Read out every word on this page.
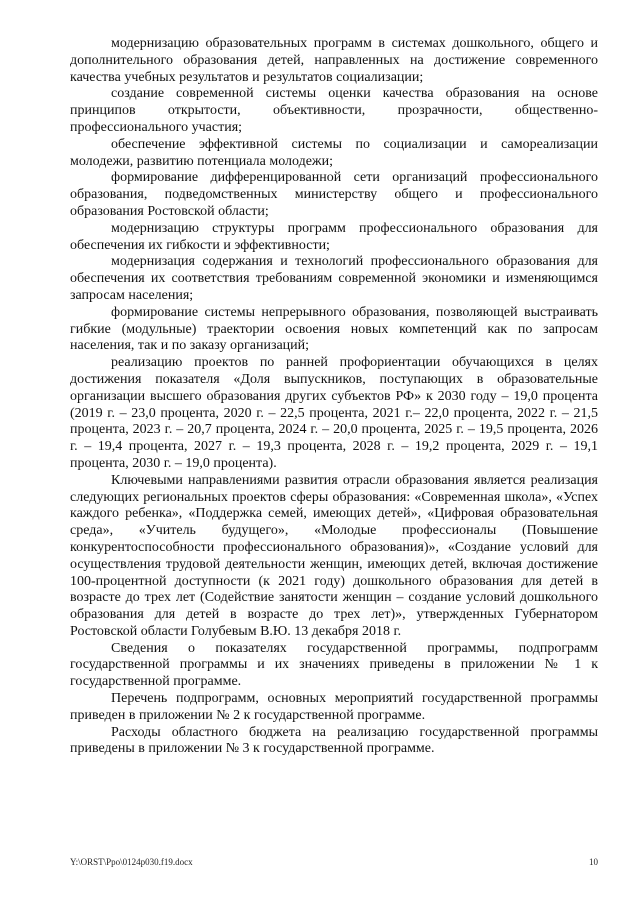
модернизацию образовательных программ в системах дошкольного, общего и дополнительного образования детей, направленных на достижение современного качества учебных результатов и результатов социализации;

создание современной системы оценки качества образования на основе принципов открытости, объективности, прозрачности, общественно-профессионального участия;

обеспечение эффективной системы по социализации и самореализации молодежи, развитию потенциала молодежи;

формирование дифференцированной сети организаций профессионального образования, подведомственных министерству общего и профессионального образования Ростовской области;

модернизацию структуры программ профессионального образования для обеспечения их гибкости и эффективности;

модернизация содержания и технологий профессионального образования для обеспечения их соответствия требованиям современной экономики и изменяющимся запросам населения;

формирование системы непрерывного образования, позволяющей выстраивать гибкие (модульные) траектории освоения новых компетенций как по запросам населения, так и по заказу организаций;

реализацию проектов по ранней профориентации обучающихся в целях достижения показателя «Доля выпускников, поступающих в образовательные организации высшего образования других субъектов РФ» к 2030 году – 19,0 процента (2019 г. – 23,0 процента, 2020 г. – 22,5 процента, 2021 г.– 22,0 процента, 2022 г. – 21,5 процента, 2023 г. – 20,7 процента, 2024 г. – 20,0 процента, 2025 г. – 19,5 процента, 2026 г. – 19,4 процента, 2027 г. – 19,3 процента, 2028 г. – 19,2 процента, 2029 г. – 19,1 процента, 2030 г. – 19,0 процента).

Ключевыми направлениями развития отрасли образования является реализация следующих региональных проектов сферы образования: «Современная школа», «Успех каждого ребенка», «Поддержка семей, имеющих детей», «Цифровая образовательная среда», «Учитель будущего», «Молодые профессионалы (Повышение конкурентоспособности профессионального образования)», «Создание условий для осуществления трудовой деятельности женщин, имеющих детей, включая достижение 100-процентной доступности (к 2021 году) дошкольного образования для детей в возрасте до трех лет (Содействие занятости женщин – создание условий дошкольного образования для детей в возрасте до трех лет)», утвержденных Губернатором Ростовской области Голубевым В.Ю. 13 декабря 2018 г.

Сведения о показателях государственной программы, подпрограмм государственной программы и их значениях приведены в приложении № 1 к государственной программе.

Перечень подпрограмм, основных мероприятий государственной программы приведен в приложении № 2 к государственной программе.

Расходы областного бюджета на реализацию государственной программы приведены в приложении № 3 к государственной программе.

Y:\ORST\Ppo\0124p030.f19.docx	10
